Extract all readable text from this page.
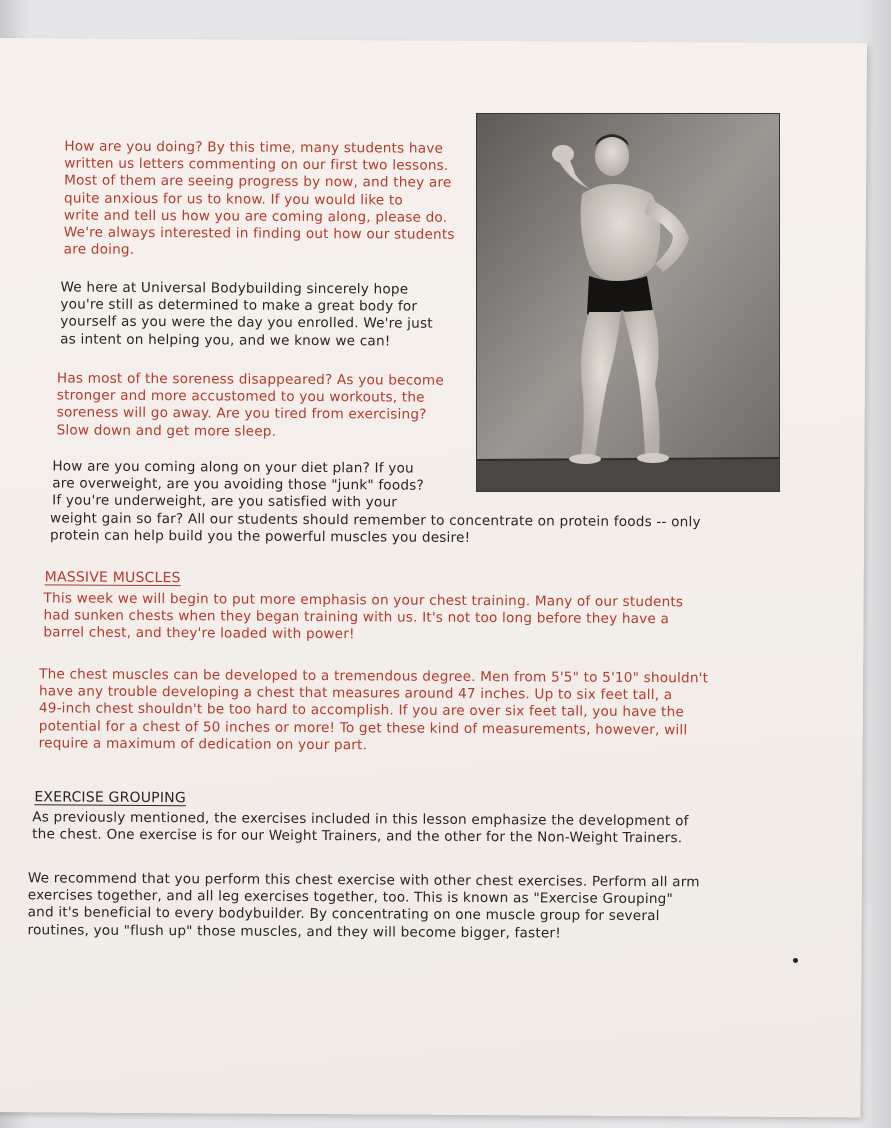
How are you doing? By this time, many students have
written us letters commenting on our first two lessons.
Most of them are seeing progress by now, and they are
quite anxious for us to know. If you would like to
write and tell us how you are coming along, please do.
We're always interested in finding out how our students
are doing.

We here at Universal Bodybuilding sincerely hope
you're still as determined to make a great body for
yourself as you were the day you enrolled. We're just
as intent on helping you, and we know we can!

Has most of the soreness disappeared? As you become
stronger and more accustomed to you workouts, the
soreness will go away. Are you tired from exercising?
Slow down and get more sleep.

How are you coming along on your diet plan? If you
are overweight, are you avoiding those "junk" foods?
If you're underweight, are you satisfied with your

weight gain so far? All our students should remember to concentrate on protein foods -- only
protein can help build you the powerful muscles you desire!

MASSIVE MUSCLES

This week we will begin to put more emphasis on your chest training. Many of our students
had sunken chests when they began training with us. It's not too long before they have a
barrel chest, and they're loaded with power!

The chest muscles can be developed to a tremendous degree. Men from 5'5" to 5'10" shouldn't
have any trouble developing a chest that measures around 47 inches. Up to six feet tall, a
49-inch chest shouldn't be too hard to accomplish. If you are over six feet tall, you have the
potential for a chest of 50 inches or more! To get these kind of measurements, however, will
require a maximum of dedication on your part.

EXERCISE GROUPING

As previously mentioned, the exercises included in this lesson emphasize the development of
the chest. One exercise is for our Weight Trainers, and the other for the Non-Weight Trainers.

We recommend that you perform this chest exercise with other chest exercises. Perform all arm
exercises together, and all leg exercises together, too. This is known as "Exercise Grouping"
and it's beneficial to every bodybuilder. By concentrating on one muscle group for several
routines, you "flush up" those muscles, and they will become bigger, faster!
